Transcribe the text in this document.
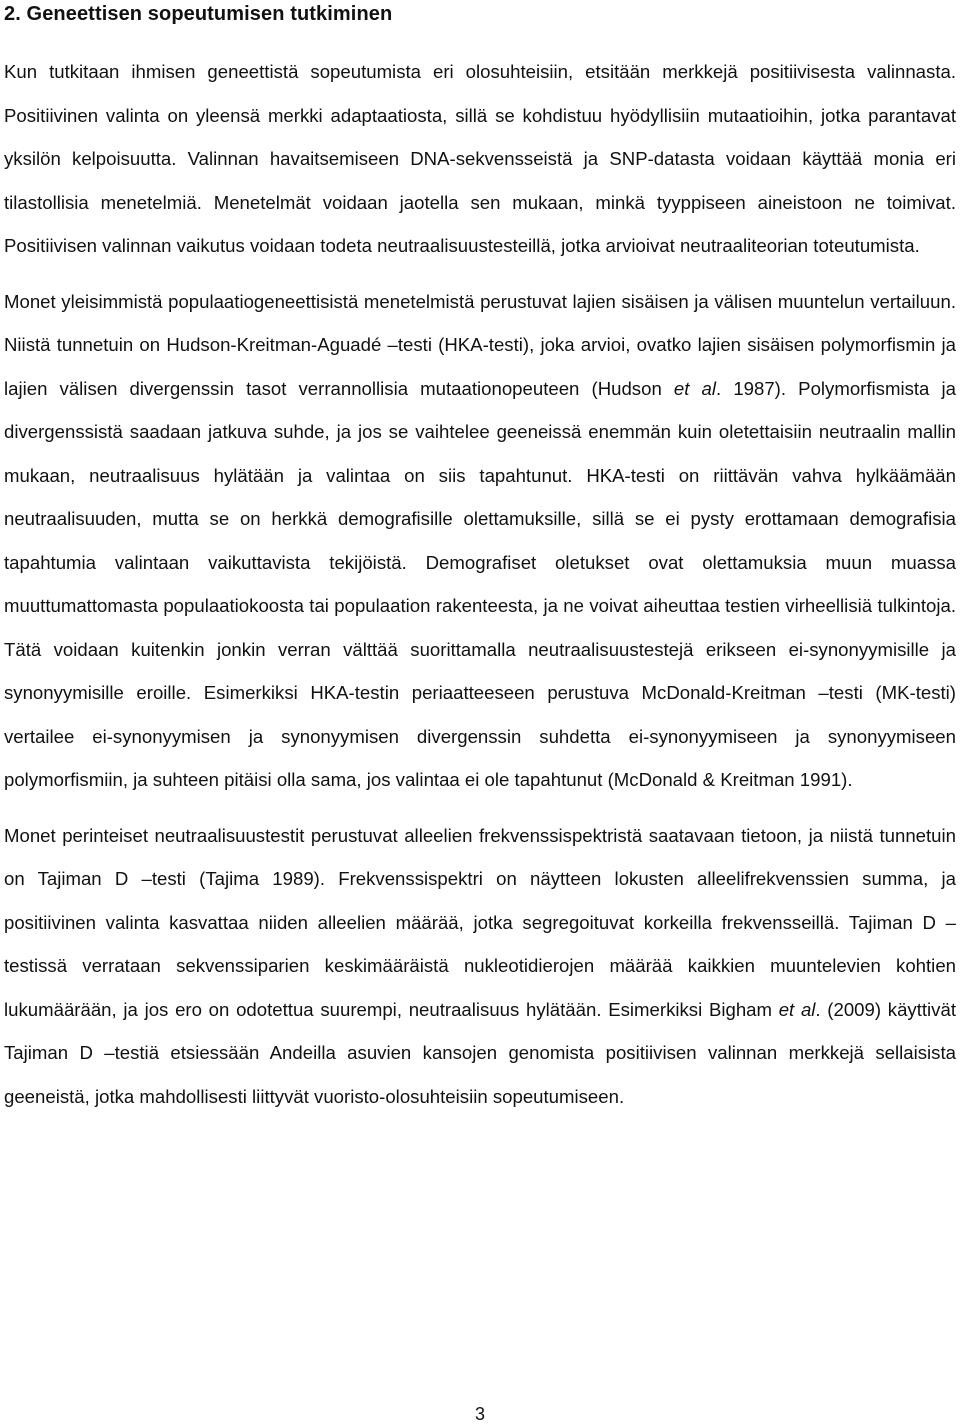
2. Geneettisen sopeutumisen tutkiminen

Kun tutkitaan ihmisen geneettistä sopeutumista eri olosuhteisiin, etsitään merkkejä positiivisesta valinnasta. Positiivinen valinta on yleensä merkki adaptaatiosta, sillä se kohdistuu hyödyllisiin mutaatioihin, jotka parantavat yksilön kelpoisuutta. Valinnan havaitsemiseen DNA-sekvensseistä ja SNP-datasta voidaan käyttää monia eri tilastollisia menetelmiä. Menetelmät voidaan jaotella sen mukaan, minkä tyyppiseen aineistoon ne toimivat. Positiivisen valinnan vaikutus voidaan todeta neutraalisuustesteillä, jotka arvioivat neutraaliteorian toteutumista.

Monet yleisimmistä populaatiogeneettisistä menetelmistä perustuvat lajien sisäisen ja välisen muuntelun vertailuun. Niistä tunnetuin on Hudson-Kreitman-Aguadé –testi (HKA-testi), joka arvioi, ovatko lajien sisäisen polymorfismin ja lajien välisen divergenssin tasot verrannollisia mutaationopeuteen (Hudson et al. 1987). Polymorfismista ja divergenssistä saadaan jatkuva suhde, ja jos se vaihtelee geeneissä enemmän kuin oletettaisiin neutraalin mallin mukaan, neutraalisuus hylätään ja valintaa on siis tapahtunut. HKA-testi on riittävän vahva hylkäämään neutraalisuuden, mutta se on herkkä demografisille olettamuksille, sillä se ei pysty erottamaan demografisia tapahtumia valintaan vaikuttavista tekijöistä. Demografiset oletukset ovat olettamuksia muun muassa muuttumattomasta populaatiokoosta tai populaation rakenteesta, ja ne voivat aiheuttaa testien virheellisiä tulkintoja. Tätä voidaan kuitenkin jonkin verran välttää suorittamalla neutraalisuustestejä erikseen ei-synonyymisille ja synonyymisille eroille. Esimerkiksi HKA-testin periaatteeseen perustuva McDonald-Kreitman –testi (MK-testi) vertailee ei-synonyymisen ja synonyymisen divergenssin suhdetta ei-synonyymiseen ja synonyymiseen polymorfismiin, ja suhteen pitäisi olla sama, jos valintaa ei ole tapahtunut (McDonald & Kreitman 1991).

Monet perinteiset neutraalisuustestit perustuvat alleelien frekvenssispektristä saatavaan tietoon, ja niistä tunnetuin on Tajiman D –testi (Tajima 1989). Frekvenssispektri on näytteen lokusten alleelifrekvenssien summa, ja positiivinen valinta kasvattaa niiden alleelien määrää, jotka segregoituvat korkeilla frekvensseillä. Tajiman D –testissä verrataan sekvenssiparien keskimääräistä nukleotidierojen määrää kaikkien muuntelevien kohtien lukumäärään, ja jos ero on odotettua suurempi, neutraalisuus hylätään. Esimerkiksi Bigham et al. (2009) käyttivät Tajiman D –testiä etsiessään Andeilla asuvien kansojen genomista positiivisen valinnan merkkejä sellaisista geeneistä, jotka mahdollisesti liittyvät vuoristo-olosuhteisiin sopeutumiseen.

3
